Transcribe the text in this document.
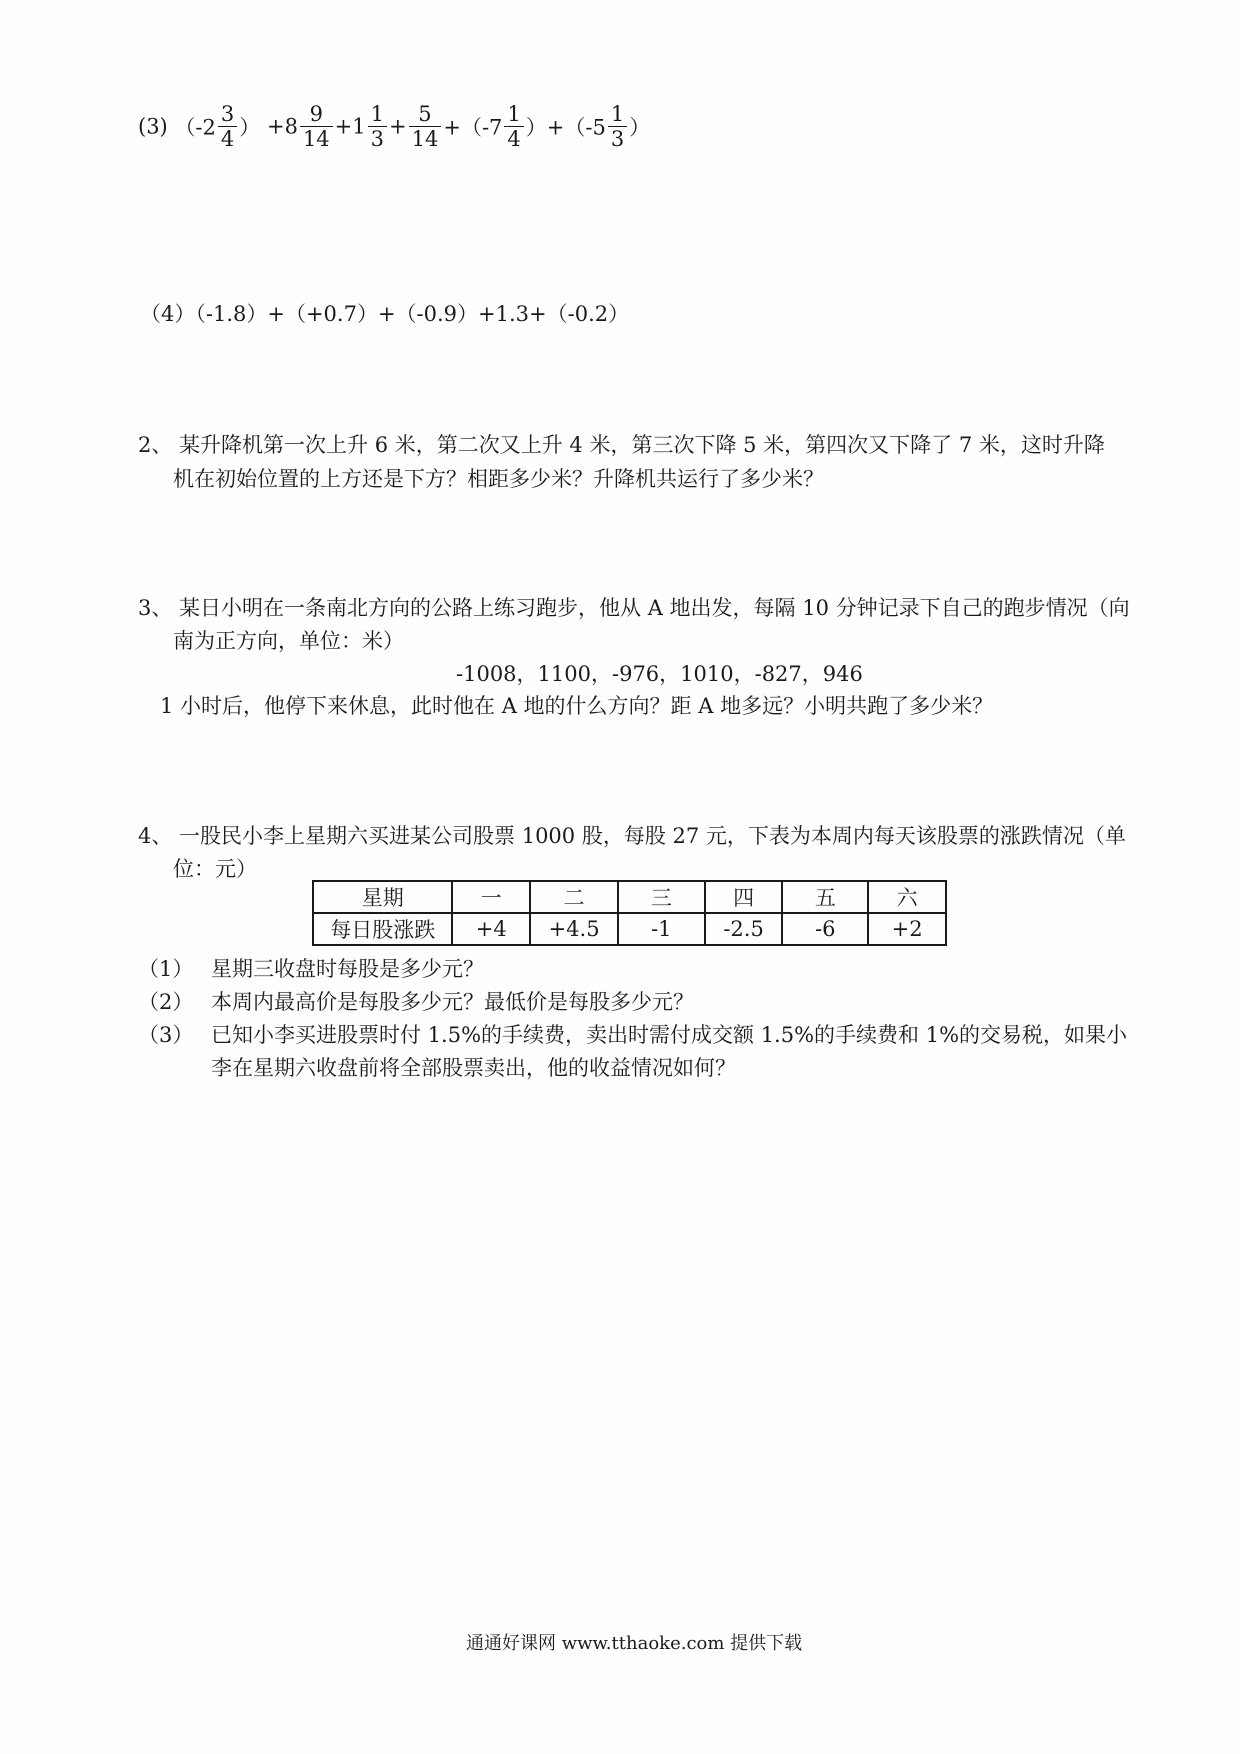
(3) （$-2 \frac{3}{4}$ ） $+8 \frac{9}{14} +1 \frac{1}{3} + \frac{5}{14} +(-7 \frac{1}{4} )+(-5 \frac{1}{3}$ ）
（4）（-1.8）+（+0.7）+（-0.9）+1.3+（-0.2）
2、 某升降机第一次上升 6 米，第二次又上升 4 米，第三次下降 5 米，第四次又下降了 7 米，这时升降
机在初始位置的上方还是下方？相距多少米？升降机共运行了多少米？
3、 某日小明在一条南北方向的公路上练习跑步，他从 A 地出发，每隔 10 分钟记录下自己的跑步情况（向
南为正方向，单位：米）
-1008，1100，-976，1010，-827，946
1 小时后，他停下来休息，此时他在 A 地的什么方向？距 A 地多远？小明共跑了多少米？
4、 一股民小李上星期六买进某公司股票 1000 股，每股 27 元，下表为本周内每天该股票的涨跌情况（单
位：元）
星期	一	二	三	四	五	六
每日股涨跌	+4	+4.5	-1	-2.5	-6	+2
（1） 星期三收盘时每股是多少元？
（2） 本周内最高价是每股多少元？最低价是每股多少元？
（3） 已知小李买进股票时付 1.5%的手续费，卖出时需付成交额 1.5%的手续费和 1%的交易税，如果小
李在星期六收盘前将全部股票卖出，他的收益情况如何？
通通好课网 www.tthaoke.com 提供下载
